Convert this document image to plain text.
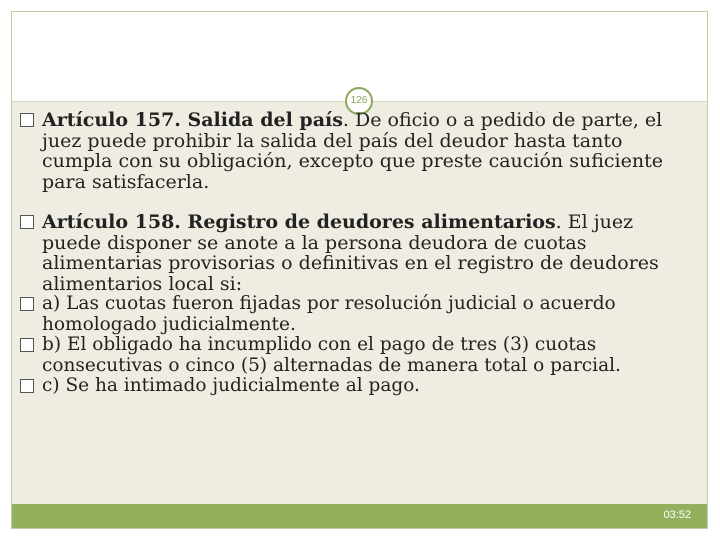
03:52
126

Artículo 157. Salida del país. De oficio o a pedido de parte, el juez puede prohibir la salida del país del deudor hasta tanto cumpla con su obligación, excepto que preste caución suficiente para satisfacerla.

Artículo 158. Registro de deudores alimentarios. El juez puede disponer se anote a la persona deudora de cuotas alimentarias provisorias o definitivas en el registro de deudores alimentarios local si:

a) Las cuotas fueron fijadas por resolución judicial o acuerdo homologado judicialmente.

b) El obligado ha incumplido con el pago de tres (3) cuotas consecutivas o cinco (5) alternadas de manera total o parcial.

c) Se ha intimado judicialmente al pago.
